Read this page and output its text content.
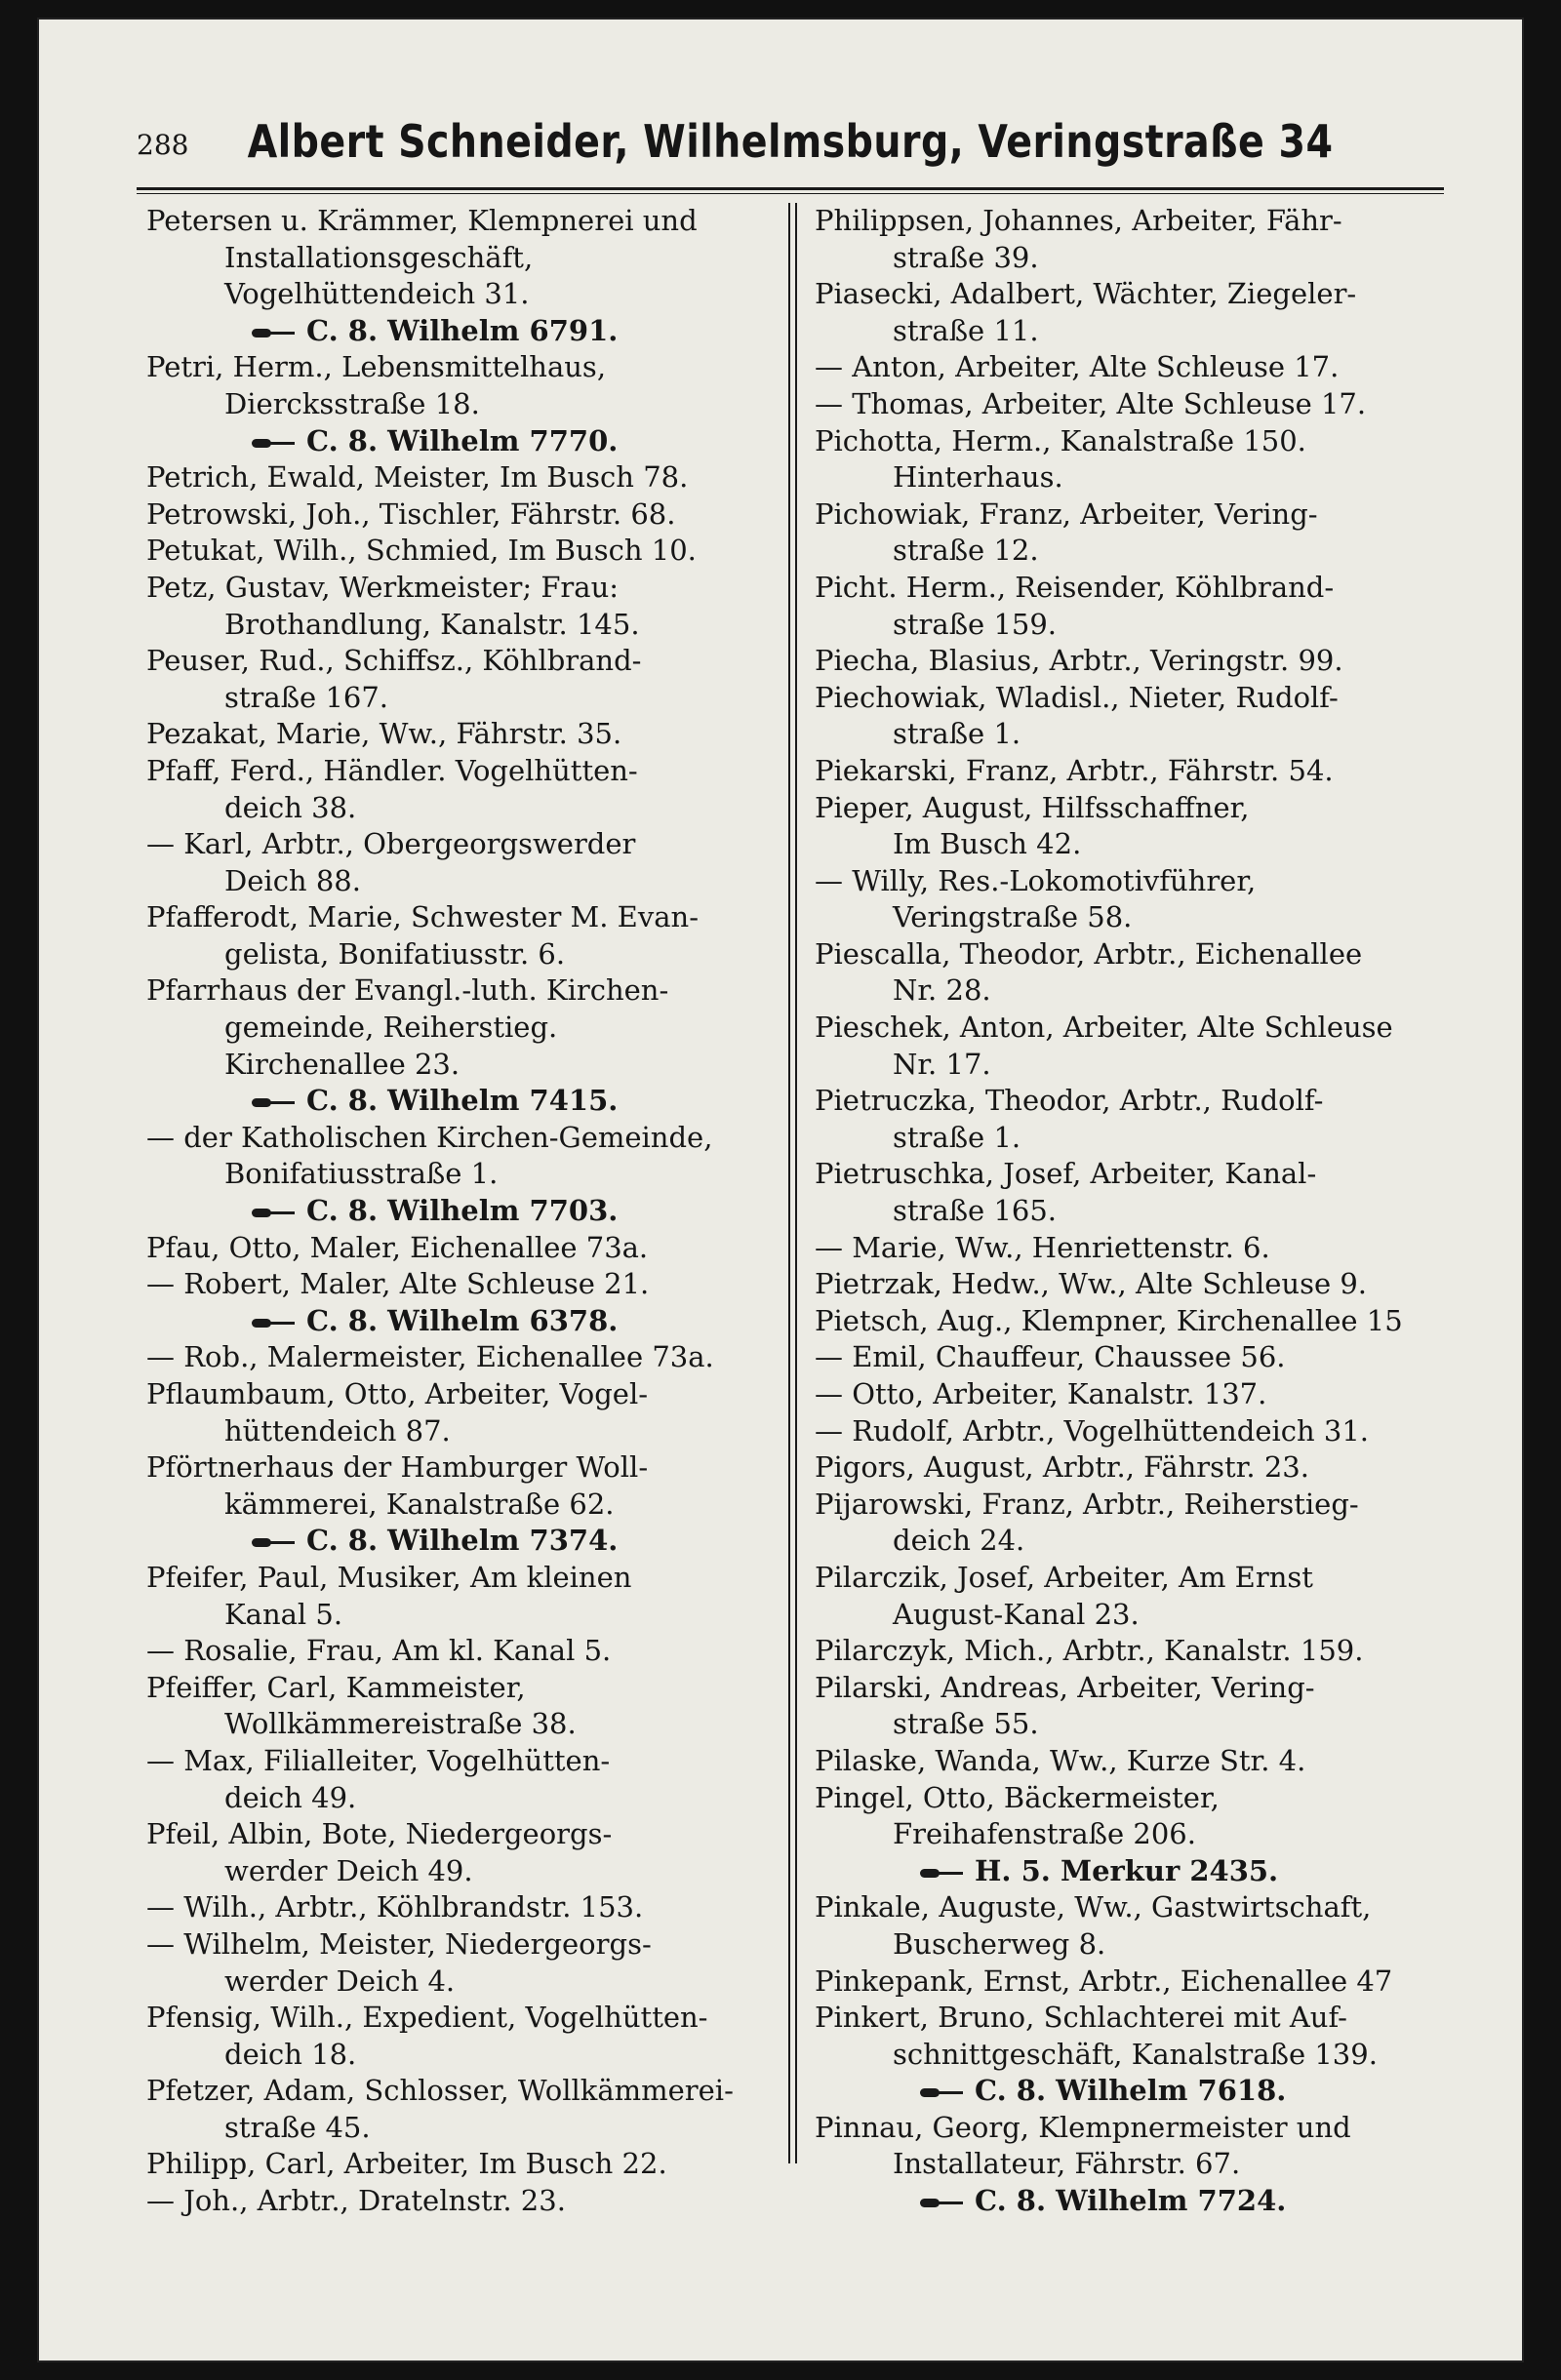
288	Albert Schneider, Wilhelmsburg, Veringstraße 34

Petersen u. Krämmer, Klempnerei und
Installationsgeschäft,
Vogelhüttendeich 31.
C. 8. Wilhelm 6791.

Petri, Herm., Lebensmittelhaus,
Diercksstraße 18.
C. 8. Wilhelm 7770.

Petrich, Ewald, Meister, Im Busch 78.

Petrowski, Joh., Tischler, Fährstr. 68.

Petukat, Wilh., Schmied, Im Busch 10.

Petz, Gustav, Werkmeister; Frau:
Brothandlung, Kanalstr. 145.

Peuser, Rud., Schiffsz., Köhlbrand-
straße 167.

Pezakat, Marie, Ww., Fährstr. 35.

Pfaff, Ferd., Händler. Vogelhütten-
deich 38.

— Karl, Arbtr., Obergeorgswerder
Deich 88.

Pfafferodt, Marie, Schwester M. Evan-
gelista, Bonifatiusstr. 6.

Pfarrhaus der Evangl.-luth. Kirchen-
gemeinde, Reiherstieg.
Kirchenallee 23.
C. 8. Wilhelm 7415.

— der Katholischen Kirchen-Gemeinde,
Bonifatiusstraße 1.
C. 8. Wilhelm 7703.

Pfau, Otto, Maler, Eichenallee 73a.

— Robert, Maler, Alte Schleuse 21.
C. 8. Wilhelm 6378.

— Rob., Malermeister, Eichenallee 73a.

Pflaumbaum, Otto, Arbeiter, Vogel-
hüttendeich 87.

Pförtnerhaus der Hamburger Woll-
kämmerei, Kanalstraße 62.
C. 8. Wilhelm 7374.

Pfeifer, Paul, Musiker, Am kleinen
Kanal 5.

— Rosalie, Frau, Am kl. Kanal 5.

Pfeiffer, Carl, Kammeister,
Wollkämmereistraße 38.

— Max, Filialleiter, Vogelhütten-
deich 49.

Pfeil, Albin, Bote, Niedergeorgs-
werder Deich 49.

— Wilh., Arbtr., Köhlbrandstr. 153.

— Wilhelm, Meister, Niedergeorgs-
werder Deich 4.

Pfensig, Wilh., Expedient, Vogelhütten-
deich 18.

Pfetzer, Adam, Schlosser, Wollkämmerei-
straße 45.

Philipp, Carl, Arbeiter, Im Busch 22.

— Joh., Arbtr., Dratelnstr. 23.

Philippsen, Johannes, Arbeiter, Fähr-
straße 39.

Piasecki, Adalbert, Wächter, Ziegeler-
straße 11.

— Anton, Arbeiter, Alte Schleuse 17.

— Thomas, Arbeiter, Alte Schleuse 17.

Pichotta, Herm., Kanalstraße 150.
Hinterhaus.

Pichowiak, Franz, Arbeiter, Vering-
straße 12.

Picht. Herm., Reisender, Köhlbrand-
straße 159.

Piecha, Blasius, Arbtr., Veringstr. 99.

Piechowiak, Wladisl., Nieter, Rudolf-
straße 1.

Piekarski, Franz, Arbtr., Fährstr. 54.

Pieper, August, Hilfsschaffner,
Im Busch 42.

— Willy, Res.-Lokomotivführer,
Veringstraße 58.

Piescalla, Theodor, Arbtr., Eichenallee
Nr. 28.

Pieschek, Anton, Arbeiter, Alte Schleuse
Nr. 17.

Pietruczka, Theodor, Arbtr., Rudolf-
straße 1.

Pietruschka, Josef, Arbeiter, Kanal-
straße 165.

— Marie, Ww., Henriettenstr. 6.

Pietrzak, Hedw., Ww., Alte Schleuse 9.

Pietsch, Aug., Klempner, Kirchenallee 15

— Emil, Chauffeur, Chaussee 56.

— Otto, Arbeiter, Kanalstr. 137.

— Rudolf, Arbtr., Vogelhüttendeich 31.

Pigors, August, Arbtr., Fährstr. 23.

Pijarowski, Franz, Arbtr., Reiherstieg-
deich 24.

Pilarczik, Josef, Arbeiter, Am Ernst
August-Kanal 23.

Pilarczyk, Mich., Arbtr., Kanalstr. 159.

Pilarski, Andreas, Arbeiter, Vering-
straße 55.

Pilaske, Wanda, Ww., Kurze Str. 4.

Pingel, Otto, Bäckermeister,
Freihafenstraße 206.
H. 5. Merkur 2435.

Pinkale, Auguste, Ww., Gastwirtschaft,
Buscherweg 8.

Pinkepank, Ernst, Arbtr., Eichenallee 47

Pinkert, Bruno, Schlachterei mit Auf-
schnittgeschäft, Kanalstraße 139.
C. 8. Wilhelm 7618.

Pinnau, Georg, Klempnermeister und
Installateur, Fährstr. 67.
C. 8. Wilhelm 7724.
